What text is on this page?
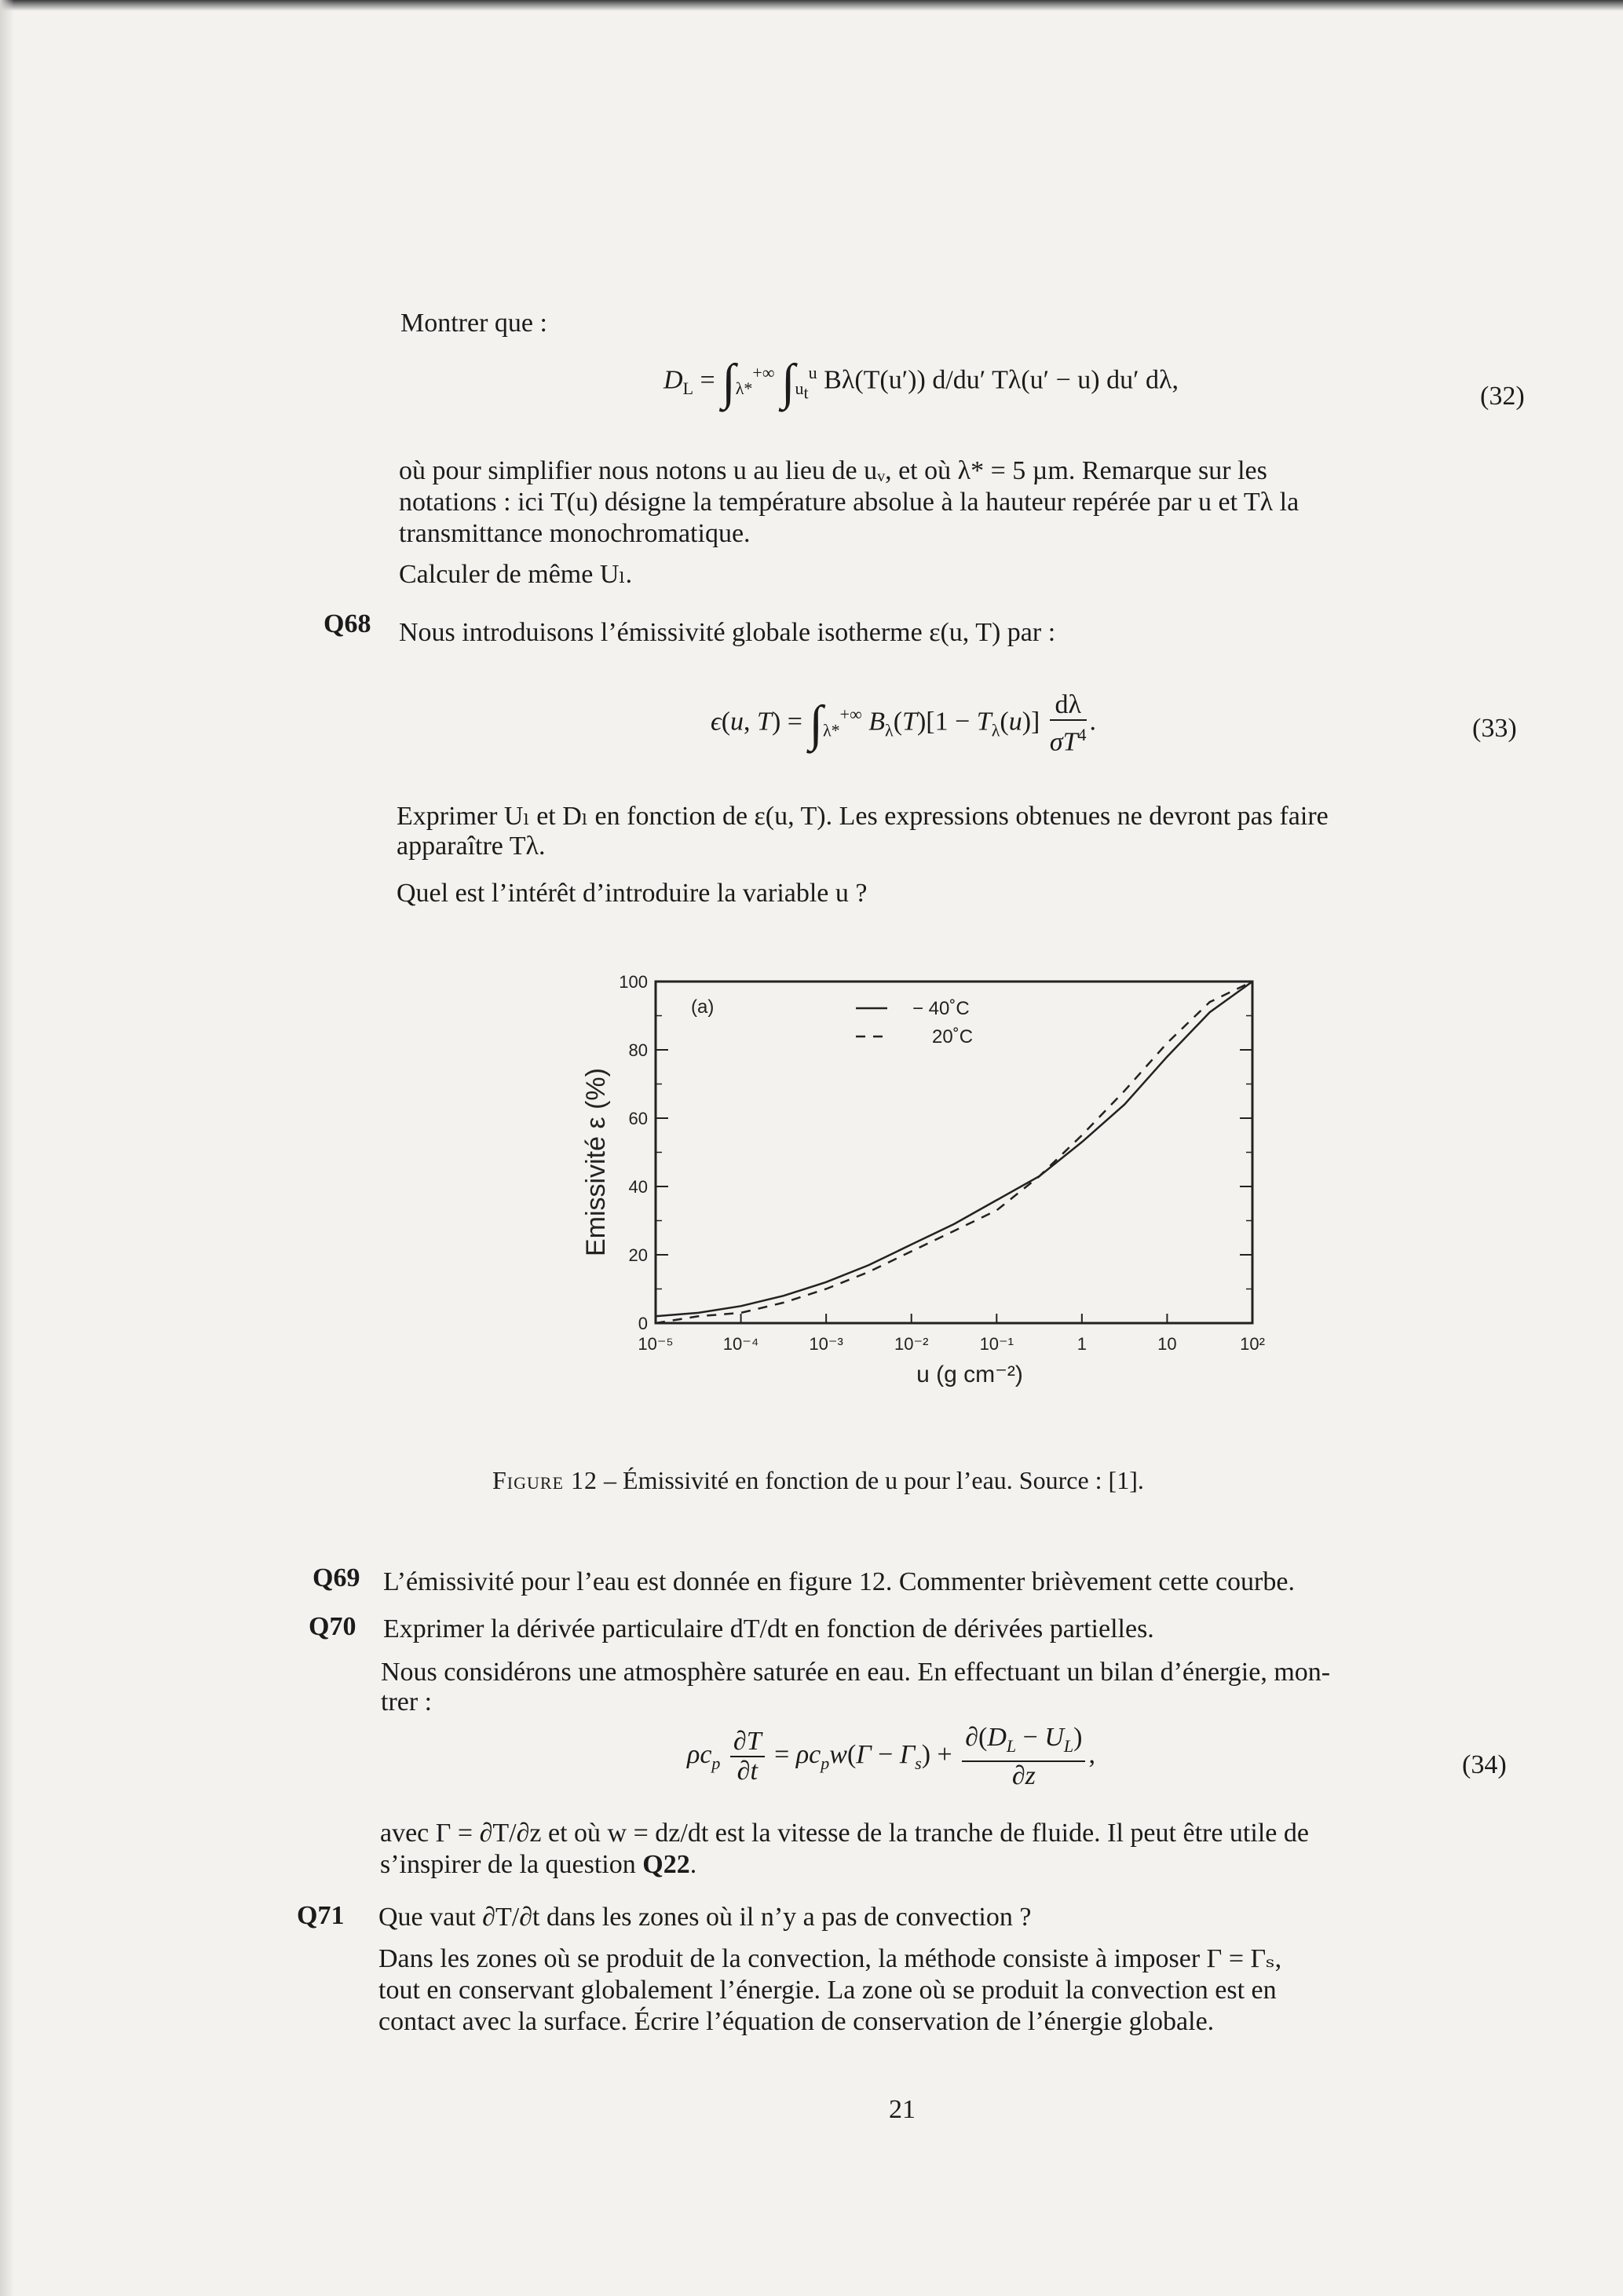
Montrer que :
$D_L = \int_{\lambda*}^{+\infty}$ $\int_{u_t}^u$ Bλ(T(u′)) d/du′ Tλ(u′ − u) du′ dλ,
(32)
où pour simplifier nous notons u au lieu de uᵥ, et où λ* = 5 µm. Remarque sur les
notations : ici T(u) désigne la température absolue à la hauteur repérée par u et Tλ la
transmittance monochromatique.
Calculer de même Uₗ.
Q68 Nous introduisons l’émissivité globale isotherme ε(u, T) par :
ϵ(u, $T) = \int_{\lambda*}^{+\infty}$ $B_\lambda(T)[1 - T_\lambda(u)] \frac{d\lambda}{\sigma T^4}$ .	(33)
Exprimer Uₗ et Dₗ en fonction de ε(u, T). Les expressions obtenues ne devront pas faire
apparaître Tλ.
Quel est l’intérêt d’introduire la variable u ?
10⁻⁵	10⁻⁴	10⁻³	10⁻²	10⁻¹	1	10	10²
0
20
40
60
80
100
(a)	− 40˚C
20˚C
Emissivité ε (%)
u (g cm⁻²)
Figure 12 – Émissivité en fonction de u pour l’eau. Source : [1].
Q69 L’émissivité pour l’eau est donnée en figure 12. Commenter brièvement cette courbe.
Q70 Exprimer la dérivée particulaire dT/dt en fonction de dérivées partielles.
Nous considérons une atmosphère saturée en eau. En effectuant un bilan d’énergie, mon-
trer :
$\rho c_p \frac{\partial T}{\partial t} = \rho c_pw(\Gamma - \Gamma_s) + \frac{\partial(D_L - U_L)}{\partial z}$ ,	(34)
avec Γ = ∂T/∂z et où w = dz/dt est la vitesse de la tranche de fluide. Il peut être utile de
s’inspirer de la question Q22.
Q71 Que vaut ∂T/∂t dans les zones où il n’y a pas de convection ?
Dans les zones où se produit de la convection, la méthode consiste à imposer Γ = Γₛ,
tout en conservant globalement l’énergie. La zone où se produit la convection est en
contact avec la surface. Écrire l’équation de conservation de l’énergie globale.
21
